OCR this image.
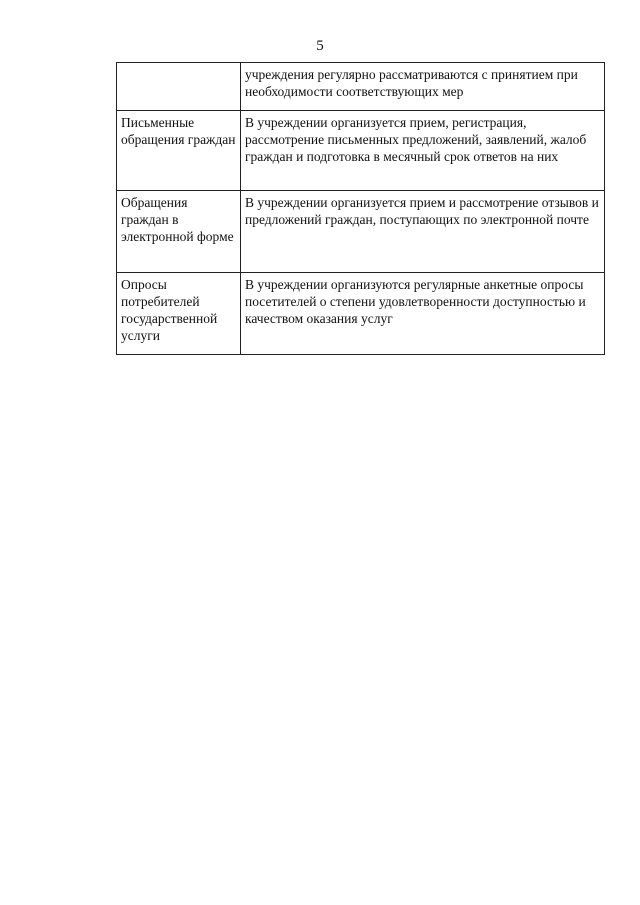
5
	учреждения регулярно рассматриваются с принятием при необходимости соответствующих мер
Письменные обращения граждан	В учреждении организуется прием, регистрация, рассмотрение письменных предложений, заявлений, жалоб граждан и подготовка в месячный срок ответов на них
Обращения граждан в электронной форме	В учреждении организуется прием и рассмотрение отзывов и предложений граждан, поступающих по электронной почте
Опросы потребителей государственной услуги	В учреждении организуются регулярные анкетные опросы посетителей о степени удовлетворенности доступностью и качеством оказания услуг
